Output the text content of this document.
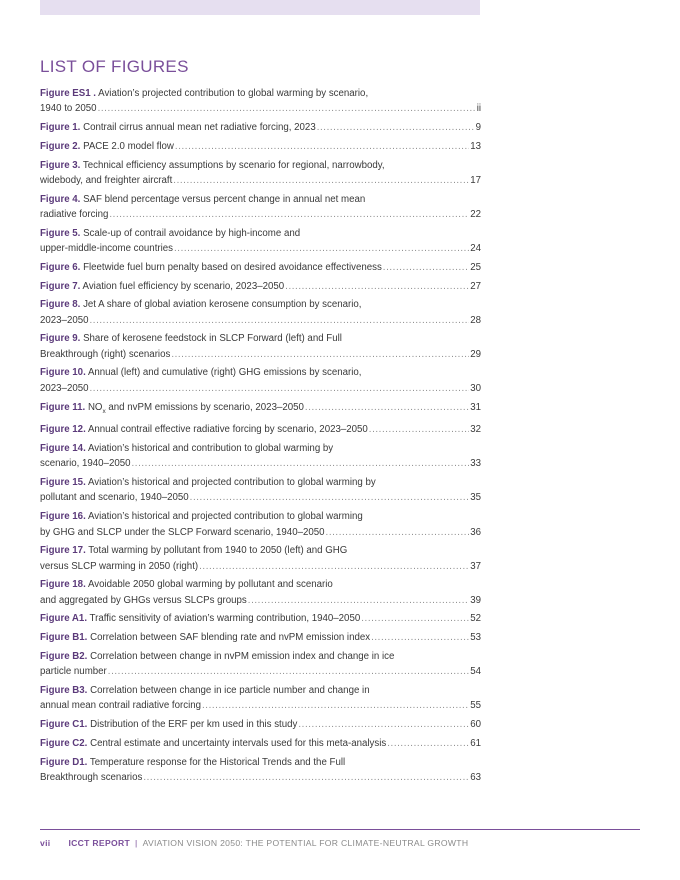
LIST OF FIGURES
Figure ES1 . Aviation’s projected contribution to global warming by scenario,
1940 to 2050 .....	ii
Figure 1. Contrail cirrus annual mean net radiative forcing, 2023 .....	9
Figure 2. PACE 2.0 model flow .....	13
Figure 3. Technical efficiency assumptions by scenario for regional, narrowbody,
widebody, and freighter aircraft .....	17
Figure 4. SAF blend percentage versus percent change in annual net mean
radiative forcing .....	22
Figure 5. Scale-up of contrail avoidance by high-income and
upper-middle-income countries .....	24
Figure 6. Fleetwide fuel burn penalty based on desired avoidance effectiveness .....	25
Figure 7. Aviation fuel efficiency by scenario, 2023–2050 .....	27
Figure 8. Jet A share of global aviation kerosene consumption by scenario,
2023–2050 .....	28
Figure 9. Share of kerosene feedstock in SLCP Forward (left) and Full
Breakthrough (right) scenarios .....	29
Figure 10. Annual (left) and cumulative (right) GHG emissions by scenario,
2023–2050 .....	30
Figure 11. $NO_x$ and nvPM emissions by scenario, 2023–2050 .....	31
Figure 12. Annual contrail effective radiative forcing by scenario, 2023–2050 .....	32
Figure 14. Aviation’s historical and contribution to global warming by
scenario, 1940–2050 .....	33
Figure 15. Aviation’s historical and projected contribution to global warming by
pollutant and scenario, 1940–2050 .....	35
Figure 16. Aviation’s historical and projected contribution to global warming
by GHG and SLCP under the SLCP Forward scenario, 1940–2050 .....	36
Figure 17. Total warming by pollutant from 1940 to 2050 (left) and GHG
versus SLCP warming in 2050 (right) .....	37
Figure 18. Avoidable 2050 global warming by pollutant and scenario
and aggregated by GHGs versus SLCPs groups .....	39
Figure A1. Traffic sensitivity of aviation’s warming contribution, 1940–2050 .....	52
Figure B1. Correlation between SAF blending rate and nvPM emission index .....	53
Figure B2. Correlation between change in nvPM emission index and change in ice
particle number .....	54
Figure B3. Correlation between change in ice particle number and change in
annual mean contrail radiative forcing .....	55
Figure C1. Distribution of the ERF per km used in this study .....	60
Figure C2. Central estimate and uncertainty intervals used for this meta-analysis .....	61
Figure D1. Temperature response for the Historical Trends and the Full
Breakthrough scenarios .....	63
vii ICCT REPORT | AVIATION VISION 2050: THE POTENTIAL FOR CLIMATE-NEUTRAL GROWTH
